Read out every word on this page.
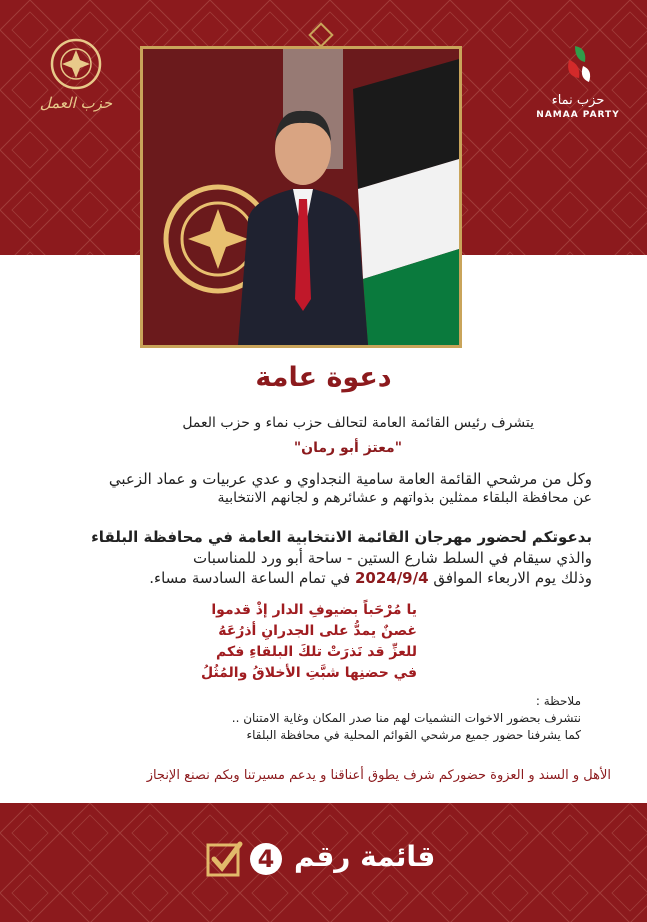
حزب العمل	حزب نماء
NAMAA PARTY
دعوة عامة
يتشرف رئيس القائمة العامة لتحالف حزب نماء و حزب العمل
"معتز أبو رمان"
وكل من مرشحي القائمة العامة سامية النجداوي و عدي عربيات و عماد الزعبي
عن محافظة البلقاء ممثلين بذواتهم و عشائرهم و لجانهم الانتخابية
بدعوتكم لحضور مهرجان القائمة الانتخابية العامة في محافظة البلقاء
والذي سيقام في السلط شارع الستين - ساحة أبو ورد للمناسبات
وذلك يوم الاربعاء الموافق 2024/9/4 في تمام الساعة السادسة مساء.
يا مُرْحَباً بضيوفِ الدار إذْ قدموا
غصنٌ يمدُّ على الجدرانِ أذرُعَهُ
للعزِّ قد نَذرَتْ تلكَ البلقاءِ فكم
في حضنِها شبَّتِ الأخلاقُ والمُثُلُ
ملاحظة :
نتشرف بحضور الاخوات النشميات لهم منا صدر المكان وغاية الامتنان ..
كما يشرفنا حضور جميع مرشحي القوائم المحلية في محافظة البلقاء
الأهل و السند و العزوة حضوركم شرف يطوق أعناقنا و يدعم مسيرتنا وبكم نصنع الإنجاز
قائمة رقم
4
